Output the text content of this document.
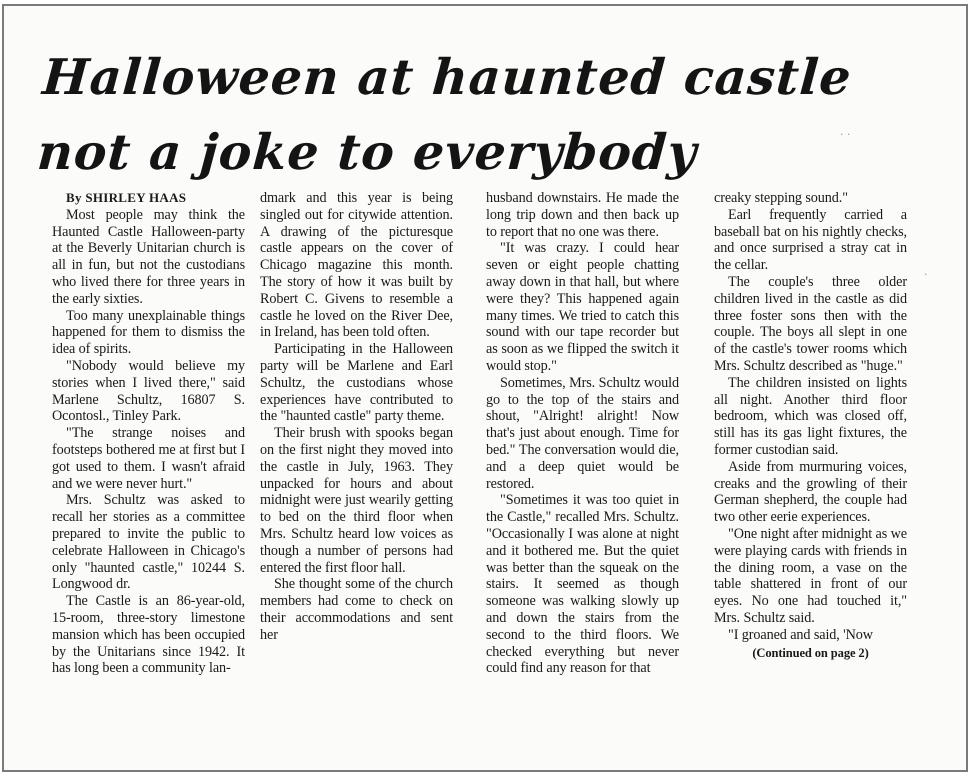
· ·
·
Halloween at haunted castle
not a joke to everybody

By SHIRLEY HAAS

Most people may think the Haunted Castle Halloween-party at the Beverly Unitarian church is all in fun, but not the custodians who lived there for three years in the early sixties.

Too many unexplainable things happened for them to dismiss the idea of spirits.

"Nobody would believe my stories when I lived there," said Marlene Schultz, 16807 S. Ocontosl., Tinley Park.

"The strange noises and footsteps bothered me at first but I got used to them. I wasn't afraid and we were never hurt."

Mrs. Schultz was asked to recall her stories as a committee prepared to invite the public to celebrate Halloween in Chicago's only "haunted castle," 10244 S. Longwood dr.

The Castle is an 86-year-old, 15-room, three-story limestone mansion which has been occupied by the Unitarians since 1942. It has long been a community lan-

dmark and this year is being singled out for citywide attention. A drawing of the picturesque castle appears on the cover of Chicago magazine this month. The story of how it was built by Robert C. Givens to resemble a castle he loved on the River Dee, in Ireland, has been told often.

Participating in the Halloween party will be Marlene and Earl Schultz, the custodians whose experiences have contributed to the "haunted castle" party theme.

Their brush with spooks began on the first night they moved into the castle in July, 1963. They unpacked for hours and about midnight were just wearily getting to bed on the third floor when Mrs. Schultz heard low voices as though a number of persons had entered the first floor hall.

She thought some of the church members had come to check on their accommodations and sent her

husband downstairs. He made the long trip down and then back up to report that no one was there.

"It was crazy. I could hear seven or eight people chatting away down in that hall, but where were they? This happened again many times. We tried to catch this sound with our tape recorder but as soon as we flipped the switch it would stop."

Sometimes, Mrs. Schultz would go to the top of the stairs and shout, "Alright! alright! Now that's just about enough. Time for bed." The conversation would die, and a deep quiet would be restored.

"Sometimes it was too quiet in the Castle," recalled Mrs. Schultz. "Occasionally I was alone at night and it bothered me. But the quiet was better than the squeak on the stairs. It seemed as though someone was walking slowly up and down the stairs from the second to the third floors. We checked everything but never could find any reason for that

creaky stepping sound."

Earl frequently carried a baseball bat on his nightly checks, and once surprised a stray cat in the cellar.

The couple's three older children lived in the castle as did three foster sons then with the couple. The boys all slept in one of the castle's tower rooms which Mrs. Schultz described as "huge."

The children insisted on lights all night. Another third floor bedroom, which was closed off, still has its gas light fixtures, the former custodian said.

Aside from murmuring voices, creaks and the growling of their German shepherd, the couple had two other eerie experiences.

"One night after midnight as we were playing cards with friends in the dining room, a vase on the table shattered in front of our eyes. No one had touched it," Mrs. Schultz said.

"I groaned and said, 'Now

(Continued on page 2)
